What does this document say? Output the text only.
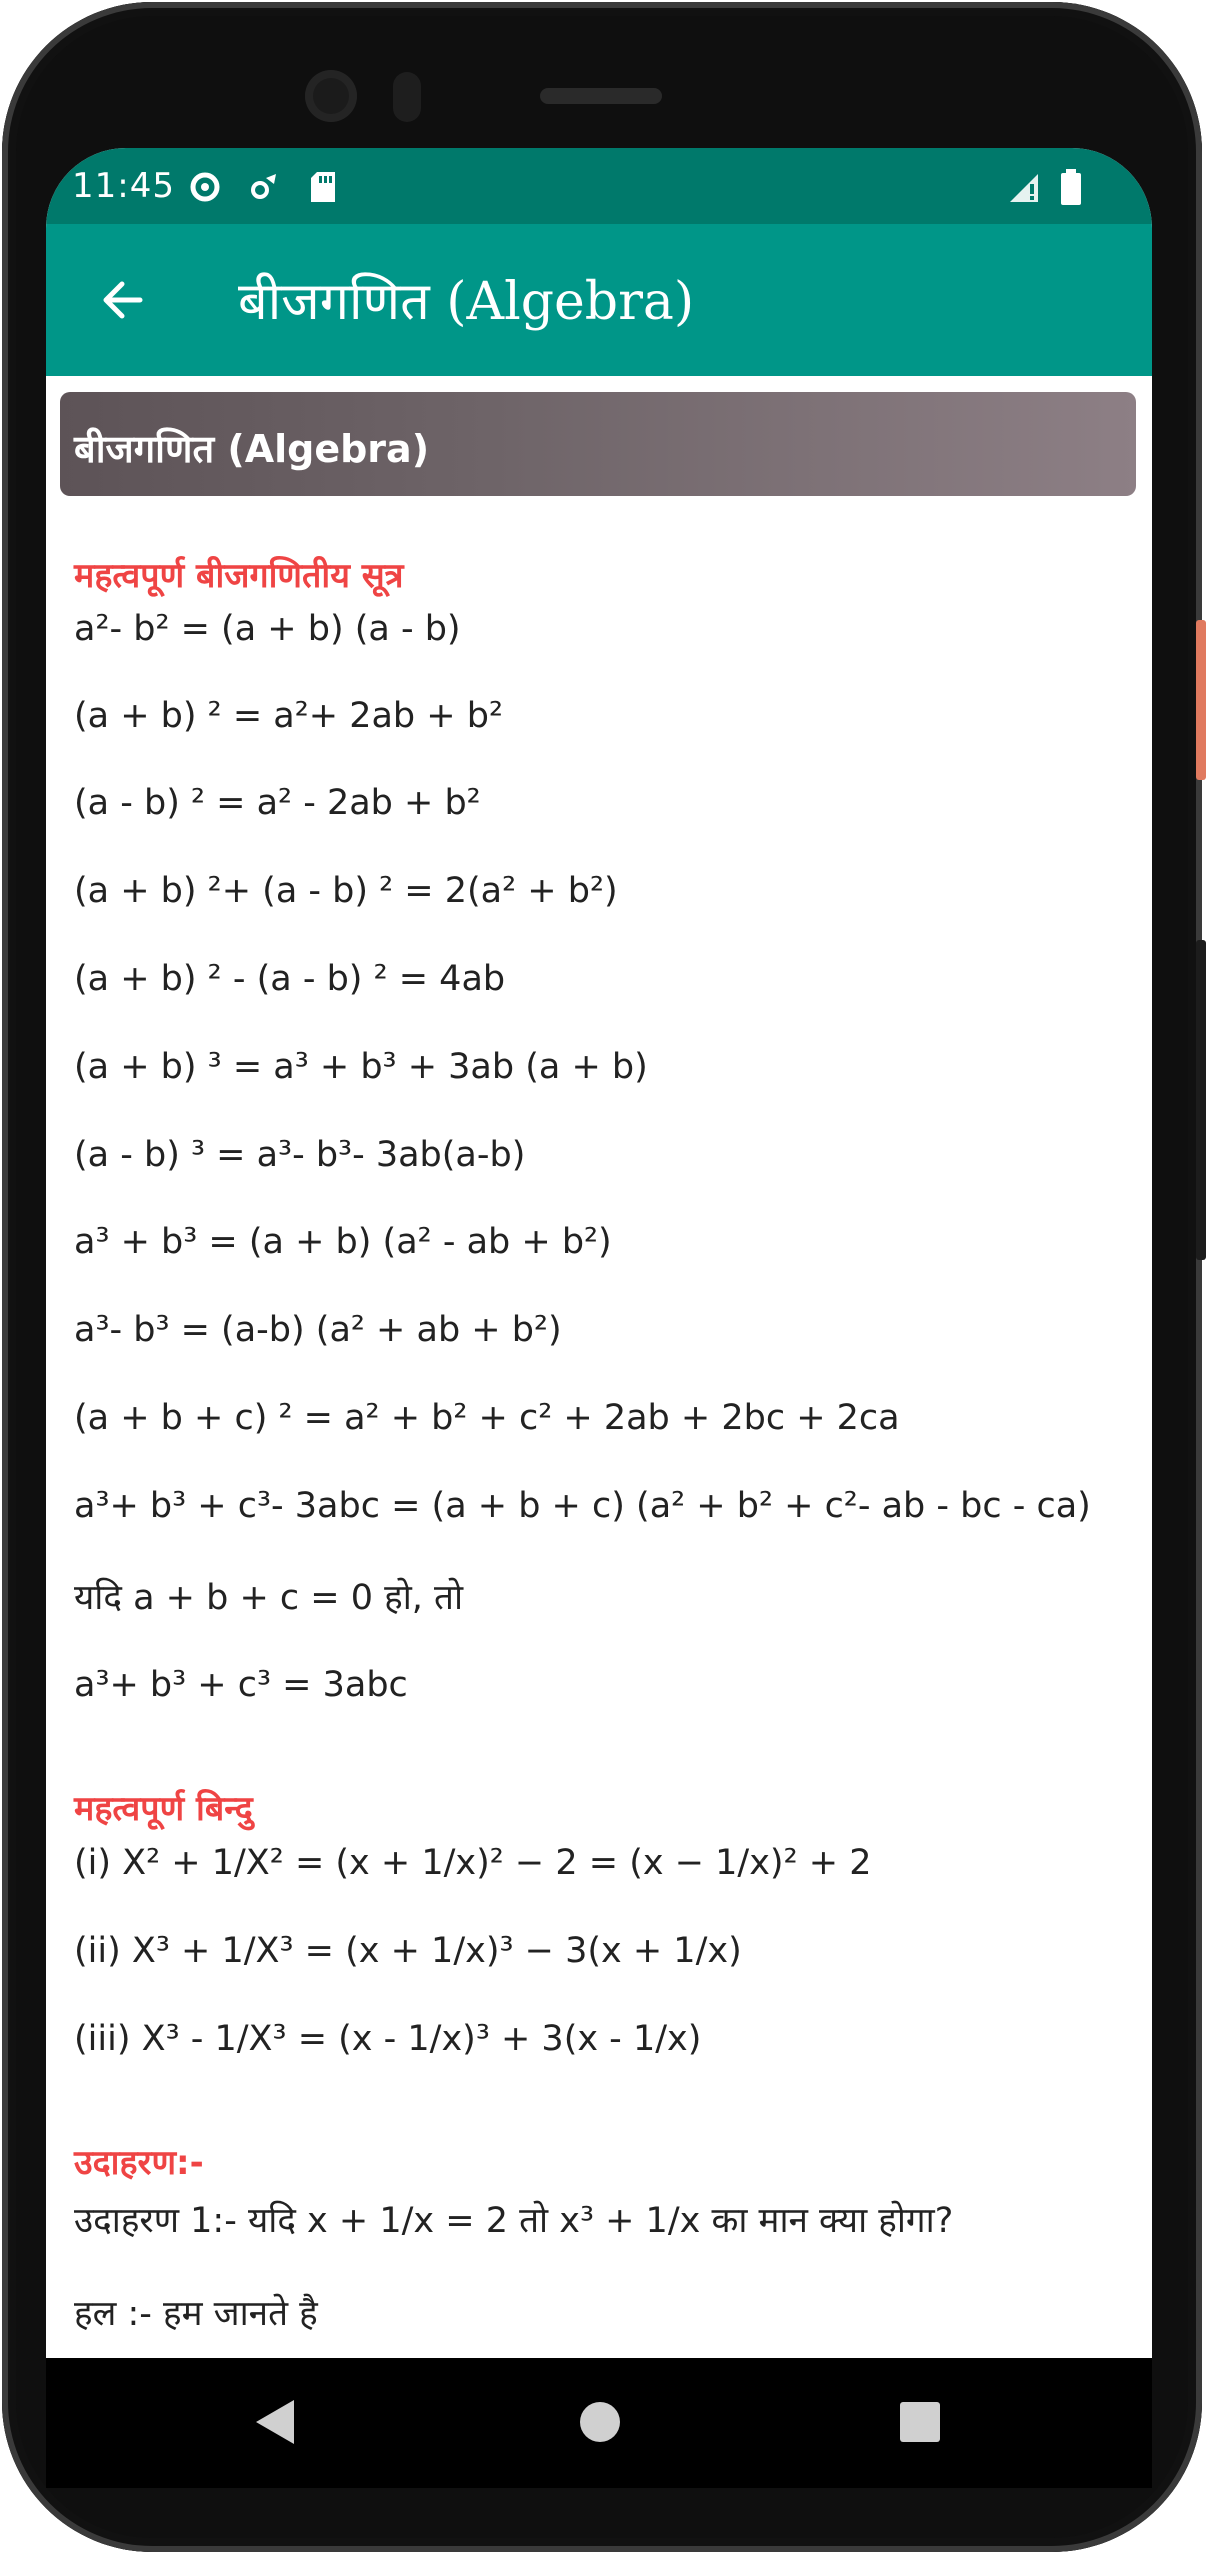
11:45
बीजगणित (Algebra)
बीजगणित (Algebra)
महत्वपूर्ण बीजगणितीय सूत्र
a²- b² = (a + b) (a - b)
(a + b) ² = a²+ 2ab + b²
(a - b) ² = a² - 2ab + b²
(a + b) ²+ (a - b) ² = 2(a² + b²)
(a + b) ² - (a - b) ² = 4ab
(a + b) ³ = a³ + b³ + 3ab (a + b)
(a - b) ³ = a³- b³- 3ab(a-b)
a³ + b³ = (a + b) (a² - ab + b²)
a³- b³ = (a-b) (a² + ab + b²)
(a + b + c) ² = a² + b² + c² + 2ab + 2bc + 2ca
a³+ b³ + c³- 3abc = (a + b + c) (a² + b² + c²- ab - bc - ca)
यदि a + b + c = 0 हो, तो
a³+ b³ + c³ = 3abc
महत्वपूर्ण बिन्दु
(i) X² + 1/X² = (x + 1/x)² − 2 = (x − 1/x)² + 2
(ii) X³ + 1/X³ = (x + 1/x)³ − 3(x + 1/x)
(iii) X³ - 1/X³ = (x - 1/x)³ + 3(x - 1/x)
उदाहरण:-
उदाहरण 1:- यदि x + 1/x = 2 तो x³ + 1/x का मान क्या होगा?
हल :- हम जानते है
